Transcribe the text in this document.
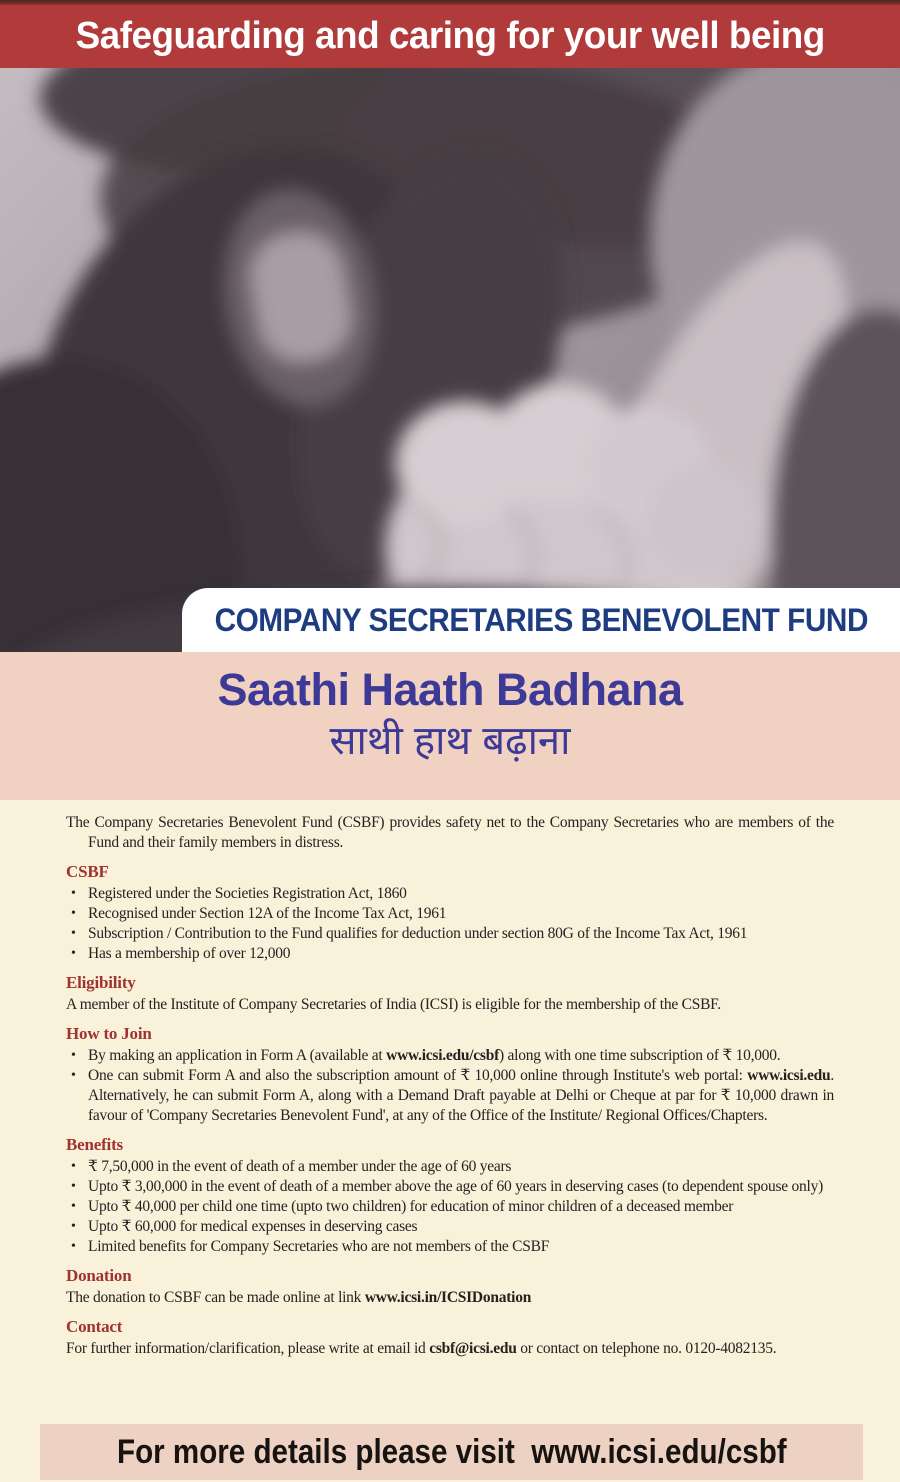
Safeguarding and caring for your well being
COMPANY SECRETARIES BENEVOLENT FUND
Saathi Haath Badhana
साथी हाथ बढ़ाना

The Company Secretaries Benevolent Fund (CSBF) provides safety net to the Company Secretaries who are members of the Fund and their family members in distress.

CSBF
• Registered under the Societies Registration Act, 1860
• Recognised under Section 12A of the Income Tax Act, 1961
• Subscription / Contribution to the Fund qualifies for deduction under section 80G of the Income Tax Act, 1961
• Has a membership of over 12,000
Eligibility

A member of the Institute of Company Secretaries of India (ICSI) is eligible for the membership of the CSBF.

How to Join
• By making an application in Form A (available at www.icsi.edu/csbf) along with one time subscription of ₹ 10,000.
• One can submit Form A and also the subscription amount of ₹ 10,000 online through Institute's web portal: www.icsi.edu. Alternatively, he can submit Form A, along with a Demand Draft payable at Delhi or Cheque at par for ₹ 10,000 drawn in favour of 'Company Secretaries Benevolent Fund', at any of the Office of the Institute/ Regional Offices/Chapters.
Benefits
• ₹ 7,50,000 in the event of death of a member under the age of 60 years
• Upto ₹ 3,00,000 in the event of death of a member above the age of 60 years in deserving cases (to dependent spouse only)
• Upto ₹ 40,000 per child one time (upto two children) for education of minor children of a deceased member
• Upto ₹ 60,000 for medical expenses in deserving cases
• Limited benefits for Company Secretaries who are not members of the CSBF
Donation

The donation to CSBF can be made online at link www.icsi.in/ICSIDonation

Contact

For further information/clarification, please write at email id csbf@icsi.edu or contact on telephone no. 0120-4082135.

For more details please visit  www.icsi.edu/csbf
